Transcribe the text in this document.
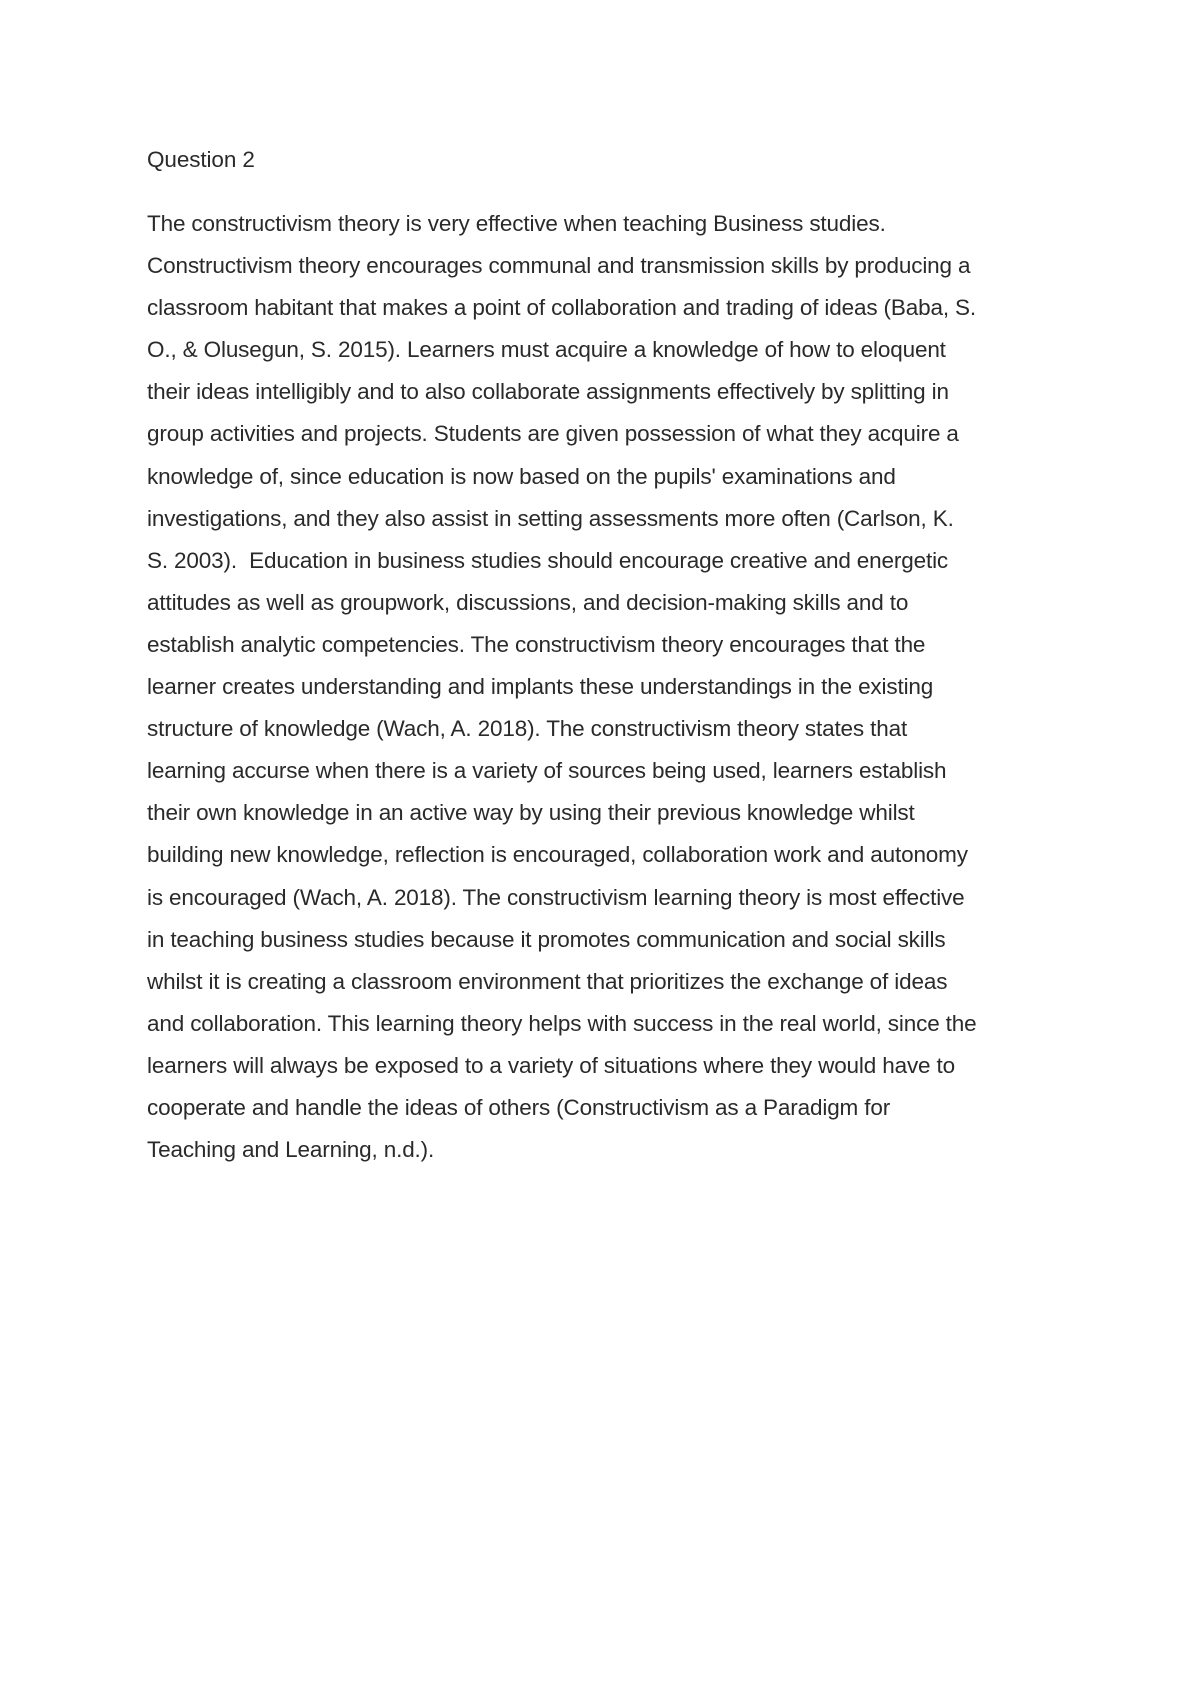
Question 2
The constructivism theory is very effective when teaching Business studies.
Constructivism theory encourages communal and transmission skills by producing a
classroom habitant that makes a point of collaboration and trading of ideas (Baba, S.
O., & Olusegun, S. 2015). Learners must acquire a knowledge of how to eloquent
their ideas intelligibly and to also collaborate assignments effectively by splitting in
group activities and projects. Students are given possession of what they acquire a
knowledge of, since education is now based on the pupils' examinations and
investigations, and they also assist in setting assessments more often (Carlson, K.
S. 2003).  Education in business studies should encourage creative and energetic
attitudes as well as groupwork, discussions, and decision-making skills and to
establish analytic competencies. The constructivism theory encourages that the
learner creates understanding and implants these understandings in the existing
structure of knowledge (Wach, A. 2018). The constructivism theory states that
learning accurse when there is a variety of sources being used, learners establish
their own knowledge in an active way by using their previous knowledge whilst
building new knowledge, reflection is encouraged, collaboration work and autonomy
is encouraged (Wach, A. 2018). The constructivism learning theory is most effective
in teaching business studies because it promotes communication and social skills
whilst it is creating a classroom environment that prioritizes the exchange of ideas
and collaboration. This learning theory helps with success in the real world, since the
learners will always be exposed to a variety of situations where they would have to
cooperate and handle the ideas of others (Constructivism as a Paradigm for
Teaching and Learning, n.d.).
